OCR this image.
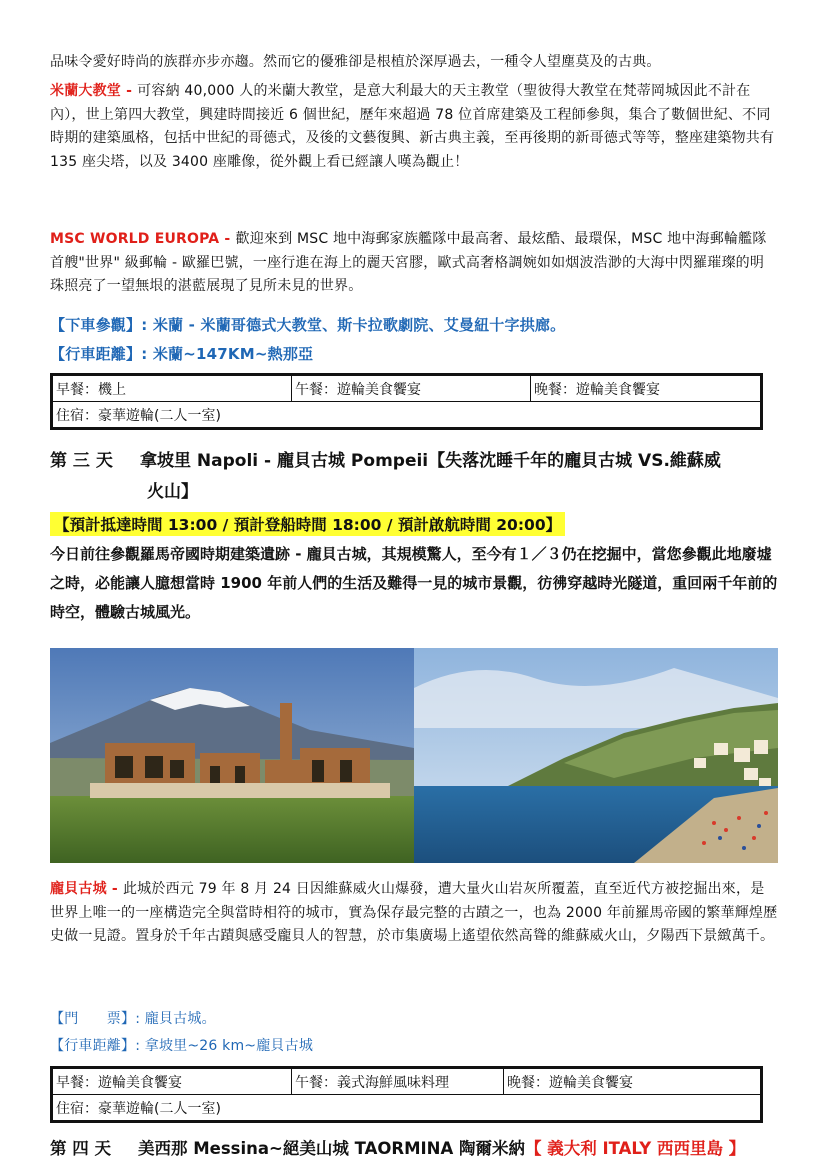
品味令愛好時尚的族群亦步亦趨。然而它的優雅卻是根植於深厚過去，一種令人望塵莫及的古典。

米蘭大教堂 - 可容納 40,000 人的米蘭大教堂，是意大利最大的天主教堂（聖彼得大教堂在梵蒂岡城因此不計在內），世上第四大教堂，興建時間接近 6 個世紀，歷年來超過 78 位首席建築及工程師參與，集合了數個世紀、不同時期的建築風格，包括中世紀的哥德式，及後的文藝復興、新古典主義，至再後期的新哥德式等等，整座建築物共有 135 座尖塔，以及 3400 座雕像，從外觀上看已經讓人嘆為觀止！

MSC WORLD EUROPA - 歡迎來到 MSC 地中海郵家族艦隊中最高奢、最炫酷、最環保，MSC 地中海郵輪艦隊首艘"世界" 級郵輪 - 歐羅巴號，一座行進在海上的麗天宮膠，歐式高奢格調婉如如烟波浩渺的大海中閃羅璀璨的明珠照亮了一望無垠的湛藍展現了見所未見的世界。

【下車參觀】: 米蘭 - 米蘭哥德式大教堂、斯卡拉歌劇院、艾曼紐十字拱廊。

【行車距離】: 米蘭~147KM~熱那亞

早餐：機上	午餐：遊輪美食饗宴	晚餐：遊輪美食饗宴
住宿：豪華遊輪(二人一室)
第 三 天 拿坡里 Napoli - 龐貝古城 Pompeii【失落沈睡千年的龐貝古城 VS.維蘇威
火山】
【預計抵達時間 13:00 / 預計登船時間 18:00 / 預計啟航時間 20:00】

今日前往參觀羅馬帝國時期建築遺跡 - 龐貝古城，其規模驚人，至今有１／３仍在挖掘中，當您參觀此地廢墟之時，必能讓人臆想當時 1900 年前人們的生活及難得一見的城市景觀，彷彿穿越時光隧道，重回兩千年前的時空，體驗古城風光。

龐貝古城 - 此城於西元 79 年 8 月 24 日因維蘇威火山爆發，遭大量火山岩灰所覆蓋，直至近代方被挖掘出來，是世界上唯一的一座構造完全與當時相符的城市，實為保存最完整的古蹟之一，也為 2000 年前羅馬帝國的繁華輝煌歷史做一見證。置身於千年古蹟與感受龐貝人的智慧，於市集廣場上遙望依然高聳的維蘇威火山，夕陽西下景緻萬千。

【門　　票】: 龐貝古城。

【行車距離】: 拿坡里~26 km~龐貝古城

早餐：遊輪美食饗宴	午餐：義式海鮮風味料理	晚餐：遊輪美食饗宴
住宿：豪華遊輪(二人一室)
第 四 天 美西那 Messina~絕美山城 TAORMINA 陶爾米納【 義大利 ITALY 西西里島 】
